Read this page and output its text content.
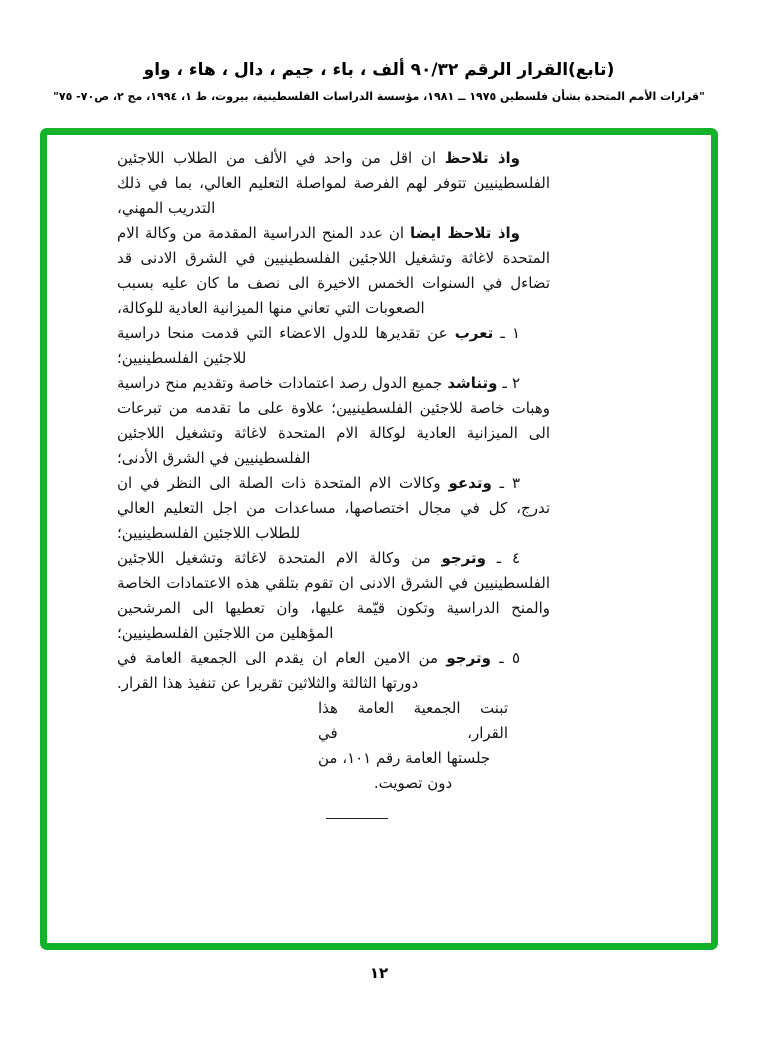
(تابع)القرار الرقم ٩٠/٣٢ ألف ، باء ، جيم ، دال ، هاء ، واو
"قرارات الأمم المتحدة بشأن فلسطين ١٩٧٥ ــ ١٩٨١، مؤسسة الدراسات الفلسطينية، بيروت، ط ١، ١٩٩٤، مج ٢، ص٧٠- ٧٥"

واذ تلاحظ ان اقل من واحد في الألف من الطلاب اللاجئين الفلسطينيين تتوفر لهم الفرصة لمواصلة التعليم العالي، بما في ذلك التدريب المهني،

واذ تلاحظ ايضا ان عدد المنح الدراسية المقدمة من وكالة الام المتحدة لاغاثة وتشغيل اللاجئين الفلسطينيين في الشرق الادنى قد تضاءل في السنوات الخمس الاخيرة الى نصف ما كان عليه بسبب الصعوبات التي تعاني منها الميزانية العادية للوكالة،

١ ـ تعرب عن تقديرها للدول الاعضاء التي قدمت منحا دراسية للاجئين الفلسطينيين؛

٢ ـ وتناشد جميع الدول رصد اعتمادات خاصة وتقديم منح دراسية وهبات خاصة للاجئين الفلسطينيين؛ علاوة على ما تقدمه من تبرعات الى الميزانية العادية لوكالة الام المتحدة لاغاثة وتشغيل اللاجئين الفلسطينيين في الشرق الأدنى؛

٣ ـ وتدعو وكالات الام المتحدة ذات الصلة الى النظر في ان تدرج، كل في مجال اختصاصها، مساعدات من اجل التعليم العالي للطلاب اللاجئين الفلسطينيين؛

٤ ـ وترجو من وكالة الام المتحدة لاغاثة وتشغيل اللاجئين الفلسطينيين في الشرق الادنى ان تقوم بتلقي هذه الاعتمادات الخاصة والمنح الدراسية وتكون قيّمة عليها، وان تعطيها الى المرشحين المؤهلين من اللاجئين الفلسطينيين؛

٥ ـ وترجو من الامين العام ان يقدم الى الجمعية العامة في دورتها الثالثة والثلاثين تقريرا عن تنفيذ هذا القرار.

تبنت الجمعية العامة هذا القرار، في
جلستها العامة رقم ١٠١، من
دون تصويت.
١٢
